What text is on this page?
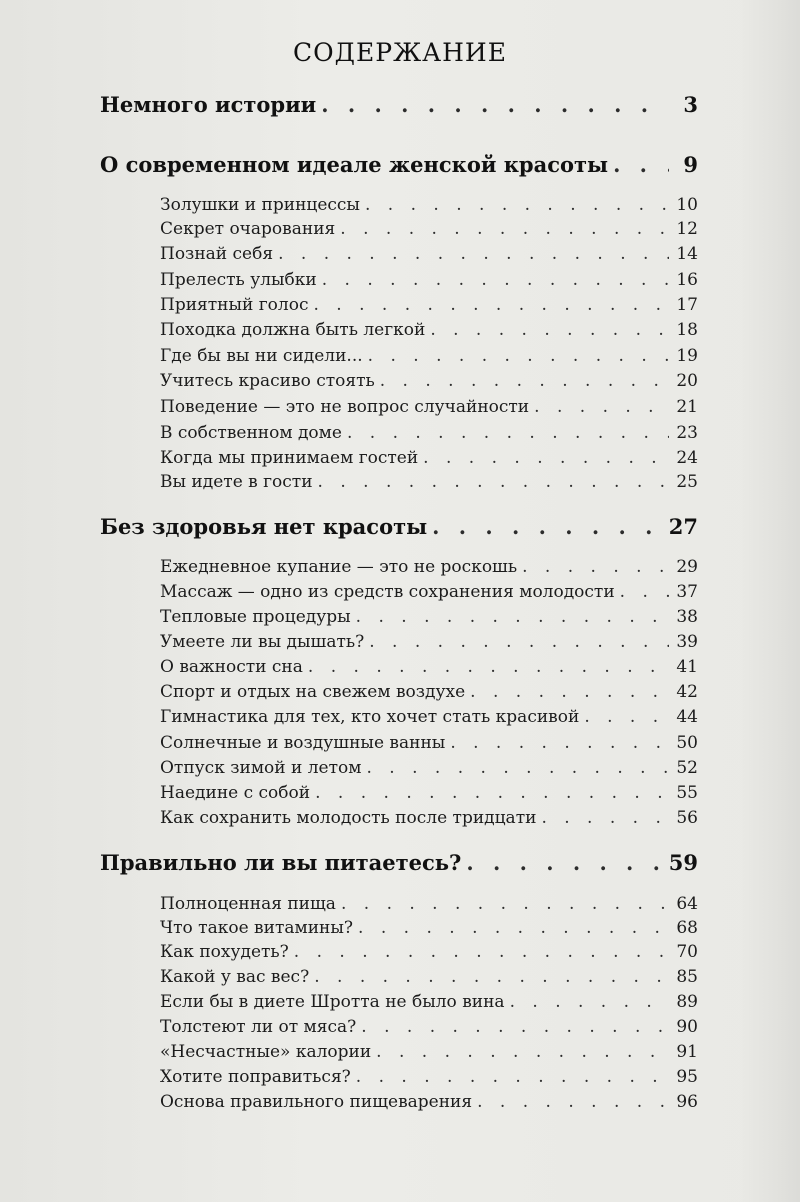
СОДЕРЖАНИЕ
Немного истории . . .	3
О современном идеале женской красоты . . .	9
Золушки и принцессы . . .	10
Секрет очарования . . .	12
Познай себя . . .	14
Прелесть улыбки . . .	16
Приятный голос . . .	17
Походка должна быть легкой . . .	18
Где бы вы ни сидели... . . .	19
Учитесь красиво стоять . . .	20
Поведение — это не вопрос случайности . . .	21
В собственном доме . . .	23
Когда мы принимаем гостей . . .	24
Вы идете в гости . . .	25
Без здоровья нет красоты . . .	27
Ежедневное купание — это не роскошь . . .	29
Массаж — одно из средств сохранения молодости . . .	37
Тепловые процедуры . . .	38
Умеете ли вы дышать? . . .	39
О важности сна . . .	41
Спорт и отдых на свежем воздухе . . .	42
Гимнастика для тех, кто хочет стать красивой . . .	44
Солнечные и воздушные ванны . . .	50
Отпуск зимой и летом . . .	52
Наедине с собой . . .	55
Как сохранить молодость после тридцати . . .	56
Правильно ли вы питаетесь? . . .	59
Полноценная пища . . .	64
Что такое витамины? . . .	68
Как похудеть? . . .	70
Какой у вас вес? . . .	85
Если бы в диете Шротта не было вина . . .	89
Толстеют ли от мяса? . . .	90
«Несчастные» калории . . .	91
Хотите поправиться? . . .	95
Основа правильного пищеварения . . .	96
